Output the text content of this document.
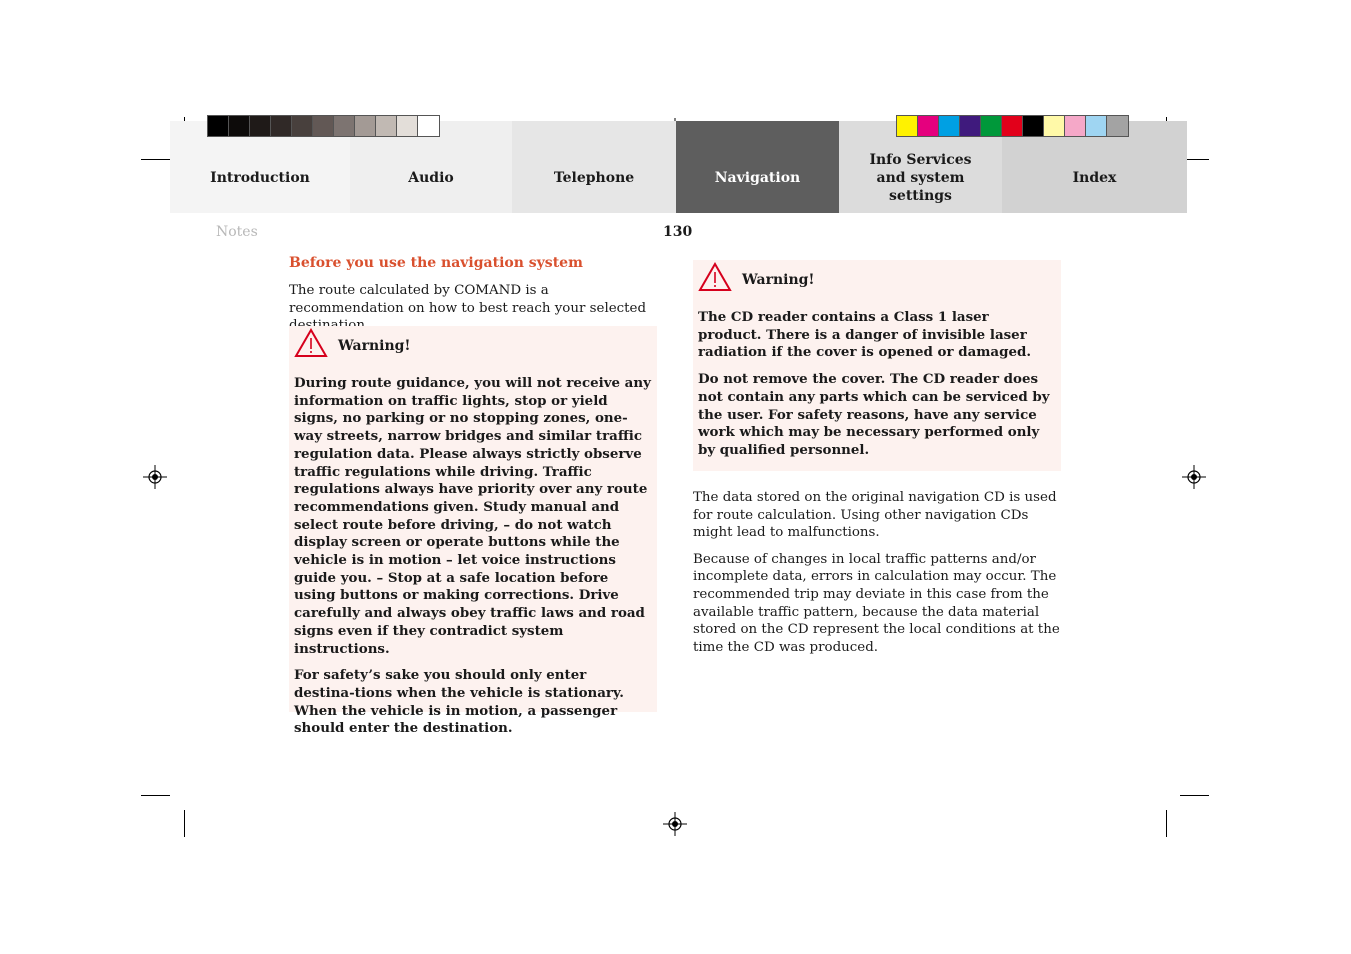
Introduction	Audio	Telephone	Navigation
Info Services and system settings
Index
Notes	130
Before you use the navigation system

The route calculated by COMAND is a recommendation on how to best reach your selected

Warning!

During route guidance, you will not receive any information on traffic lights, stop or yield signs, no parking or no stopping zones, one-way streets, narrow bridges and similar traffic regulation data. Please always strictly observe traffic regulations while driving. Traffic regulations always have priority over any route recommendations given. Study manual and select route before driving, – do not watch display screen or operate buttons while the vehicle is in motion – let voice instructions guide you. – Stop at a safe location before using buttons or making corrections. Drive carefully and always obey traffic laws and road signs even if they contradict system instructions.

For safety’s sake you should only enter destina-tions when the vehicle is stationary. When the vehicle is in motion, a passenger should enter the destination.

Warning!

The CD reader contains a Class 1 laser product. There is a danger of invisible laser radiation if the cover is opened or damaged.

Do not remove the cover. The CD reader does not contain any parts which can be serviced by the user. For safety reasons, have any service work which may be necessary performed only by qualified personnel.

The data stored on the original navigation CD is used for route calculation. Using other navigation CDs might lead to malfunctions.

Because of changes in local traffic patterns and/or incomplete data, errors in calculation may occur. The recommended trip may deviate in this case from the available traffic pattern, because the data material stored on the CD represent the local conditions at the time the CD was produced.
